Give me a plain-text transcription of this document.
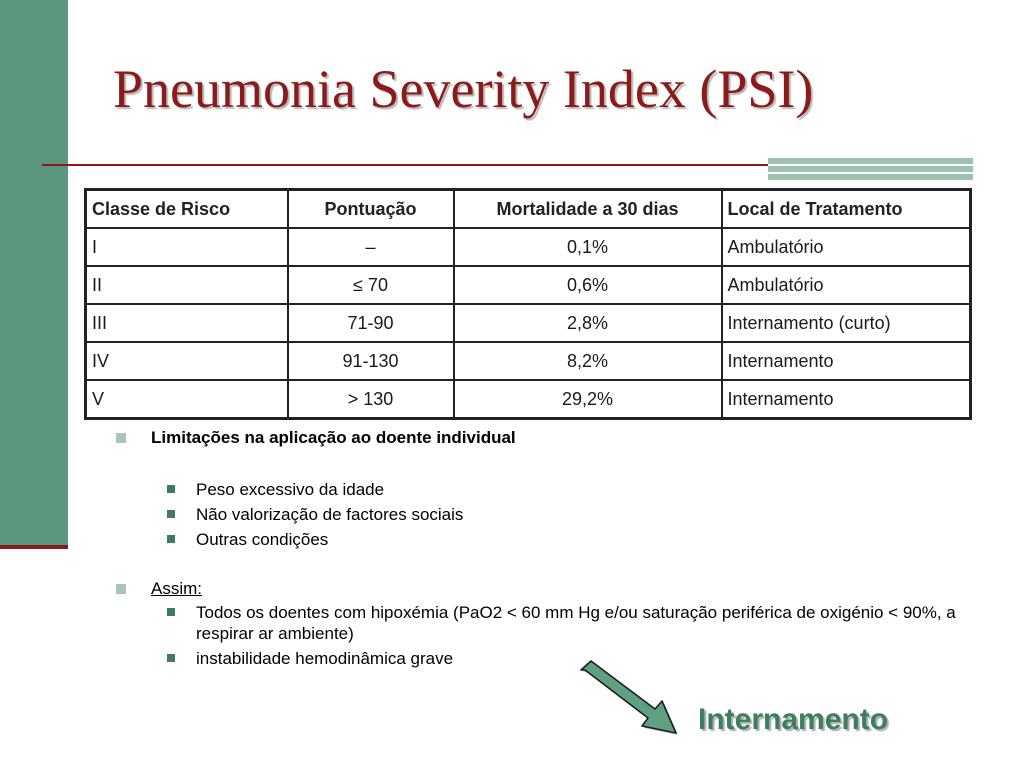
Pneumonia Severity Index (PSI)
Classe de Risco	Pontuação	Mortalidade a 30 dias	Local de Tratamento
I	–	0,1%	Ambulatório
II	≤ 70	0,6%	Ambulatório
III	71-90	2,8%	Internamento (curto)
IV	91-130	8,2%	Internamento
V	> 130	29,2%	Internamento
Limitações na aplicação ao doente individual
Peso excessivo da idade
Não valorização de factores sociais
Outras condições
Assim:
Todos os doentes com hipoxémia (PaO2 < 60 mm Hg e/ou saturação periférica de oxigénio < 90%, a respirar ar ambiente)
instabilidade hemodinâmica grave
Internamento
